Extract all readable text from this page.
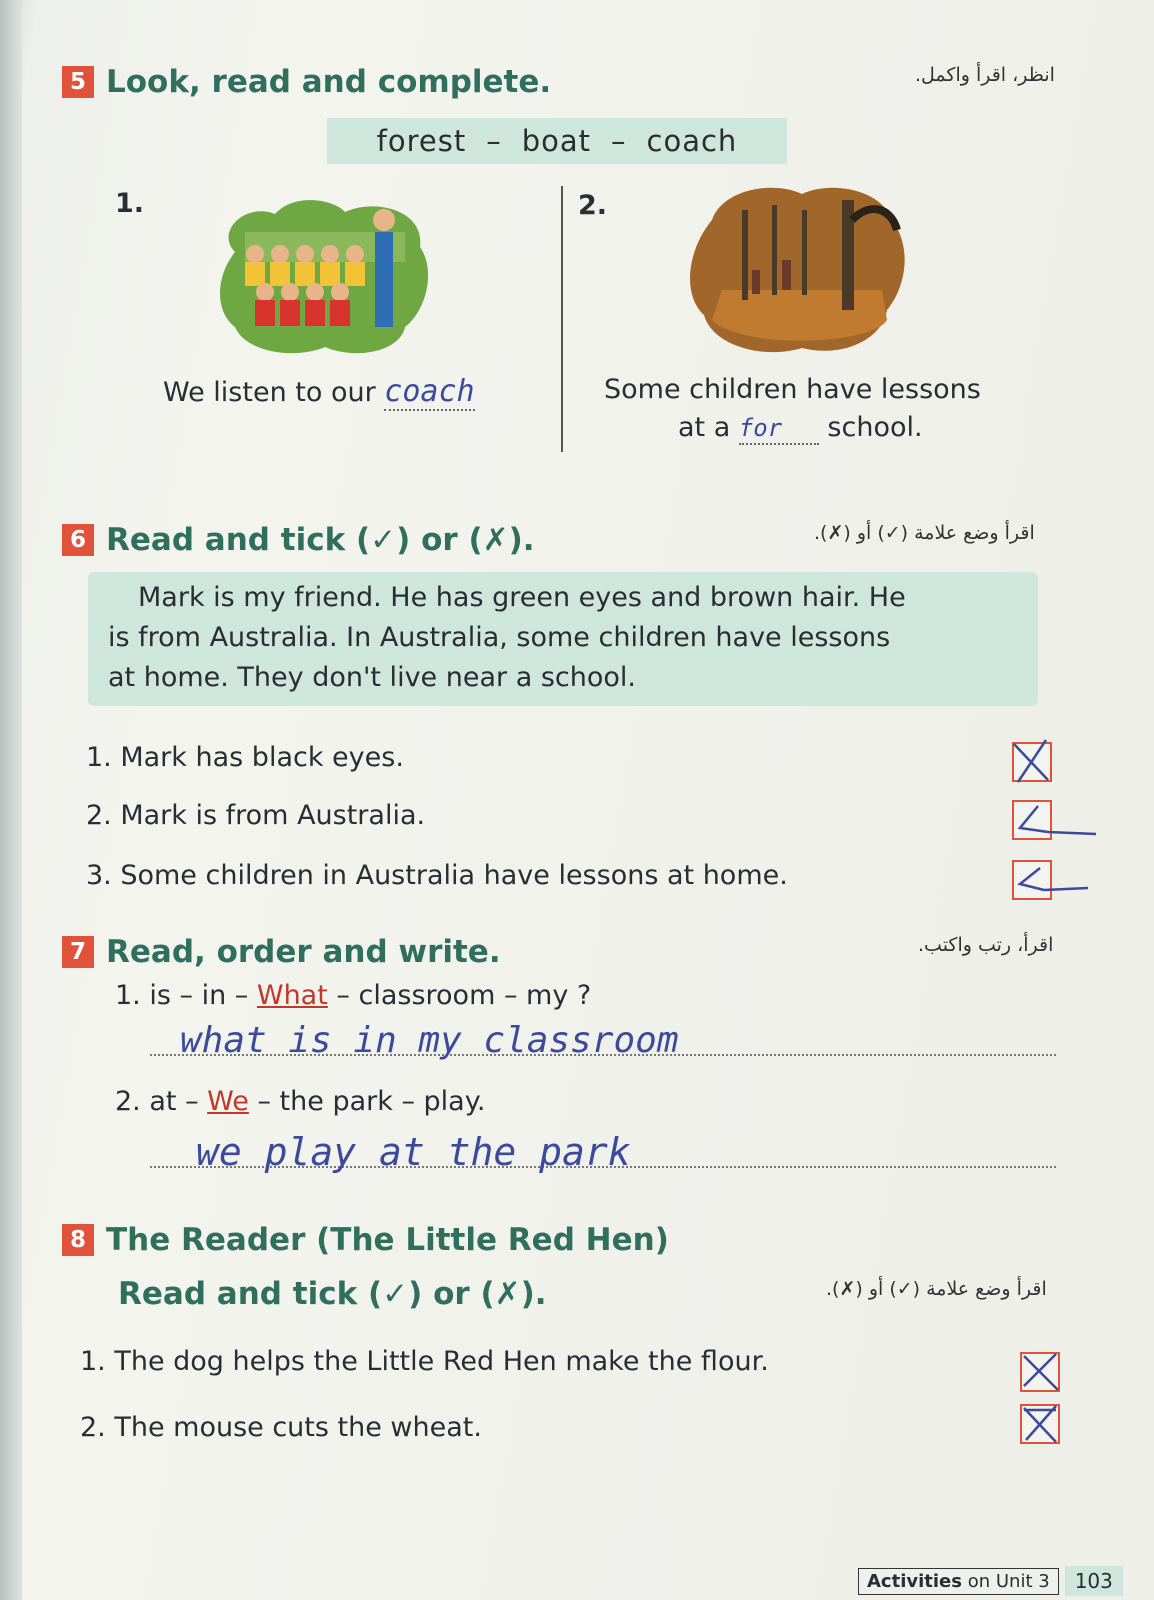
5 Look, read and complete.	انظر، اقرأ واكمل.
forest – boat – coach
1.	2.
We listen to our coach	Some children have lessons
at a for school.
6 Read and tick (✓) or (✗).	اقرأ وضع علامة (✓) أو (✗).
Mark is my friend. He has green eyes and brown hair. He
is from Australia. In Australia, some children have lessons
at home. They don't live near a school.
1. Mark has black eyes.
2. Mark is from Australia.
3. Some children in Australia have lessons at home.
7 Read, order and write.	اقرأ، رتب واكتب.
1. is – in – What – classroom – my ?
what is in my classroom
2. at – We – the park – play.
we play at the park
8 The Reader (The Little Red Hen)
Read and tick (✓) or (✗).	اقرأ وضع علامة (✓) أو (✗).
1. The dog helps the Little Red Hen make the flour.
2. The mouse cuts the wheat.
Activities on Unit 3	103
